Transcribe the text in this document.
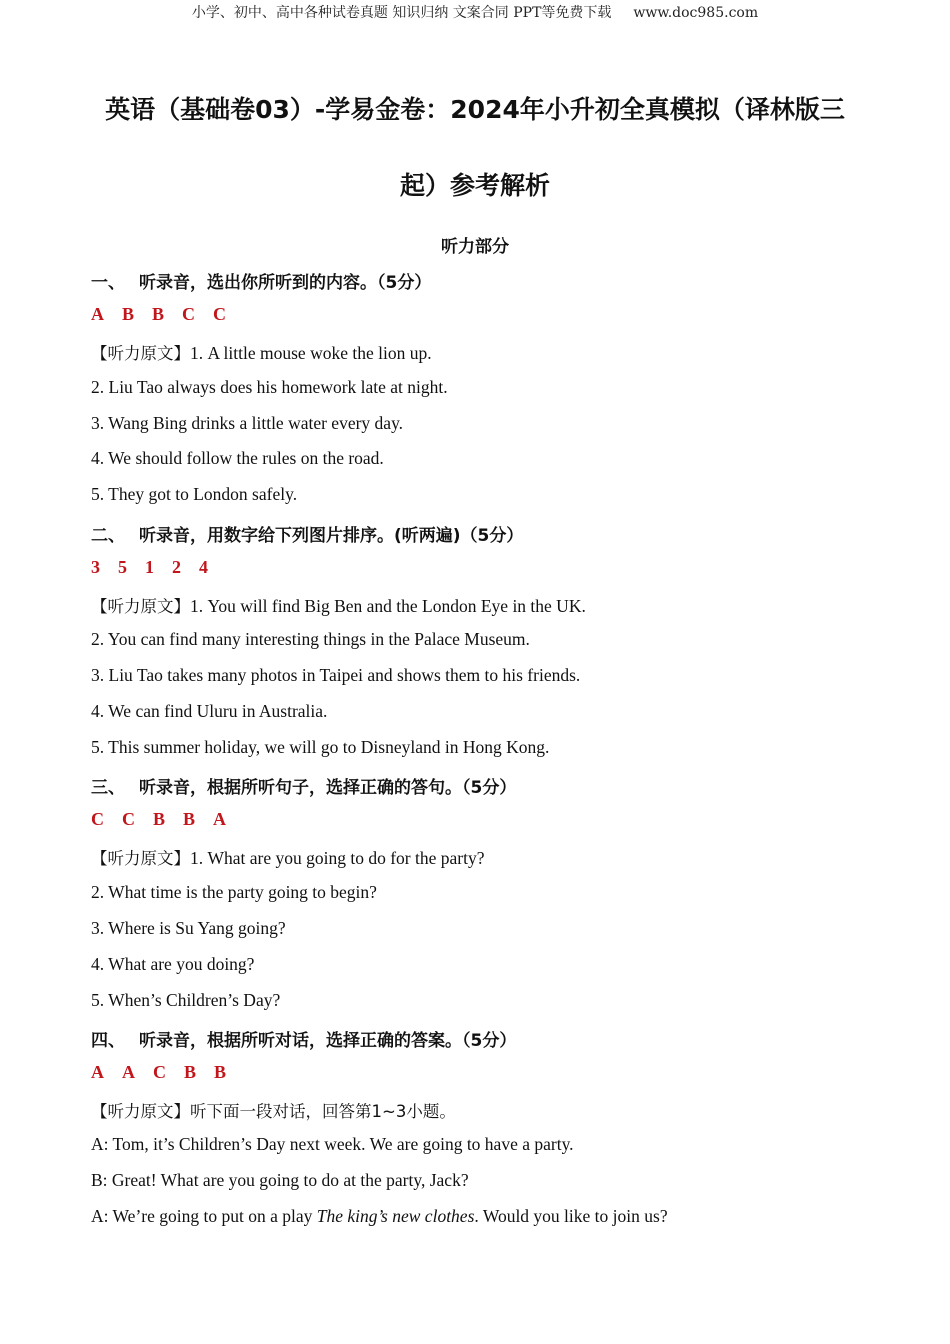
小学、初中、高中各种试卷真题 知识归纳 文案合同 PPT等免费下载 www.doc985.com
英语（基础卷03）-学易金卷：2024年小升初全真模拟（译林版三
起）参考解析
听力部分
一、 听录音，选出你所听到的内容。（5分）
A B B C C
【听力原文】1. A little mouse woke the lion up.
2. Liu Tao always does his homework late at night.
3. Wang Bing drinks a little water every day.
4. We should follow the rules on the road.
5. They got to London safely.
二、 听录音，用数字给下列图片排序。(听两遍)（5分）
3 5 1 2 4
【听力原文】1. You will find Big Ben and the London Eye in the UK.
2. You can find many interesting things in the Palace Museum.
3. Liu Tao takes many photos in Taipei and shows them to his friends.
4. We can find Uluru in Australia.
5. This summer holiday, we will go to Disneyland in Hong Kong.
三、 听录音，根据所听句子，选择正确的答句。（5分）
C C B B A
【听力原文】1. What are you going to do for the party?
2. What time is the party going to begin?
3. Where is Su Yang going?
4. What are you doing?
5. When’s Children’s Day?
四、 听录音，根据所听对话，选择正确的答案。（5分）
A A C B B
【听力原文】听下面一段对话，回答第1~3小题。
A: Tom, it’s Children’s Day next week. We are going to have a party.
B: Great! What are you going to do at the party, Jack?
A: We’re going to put on a play The king’s new clothes. Would you like to join us?
